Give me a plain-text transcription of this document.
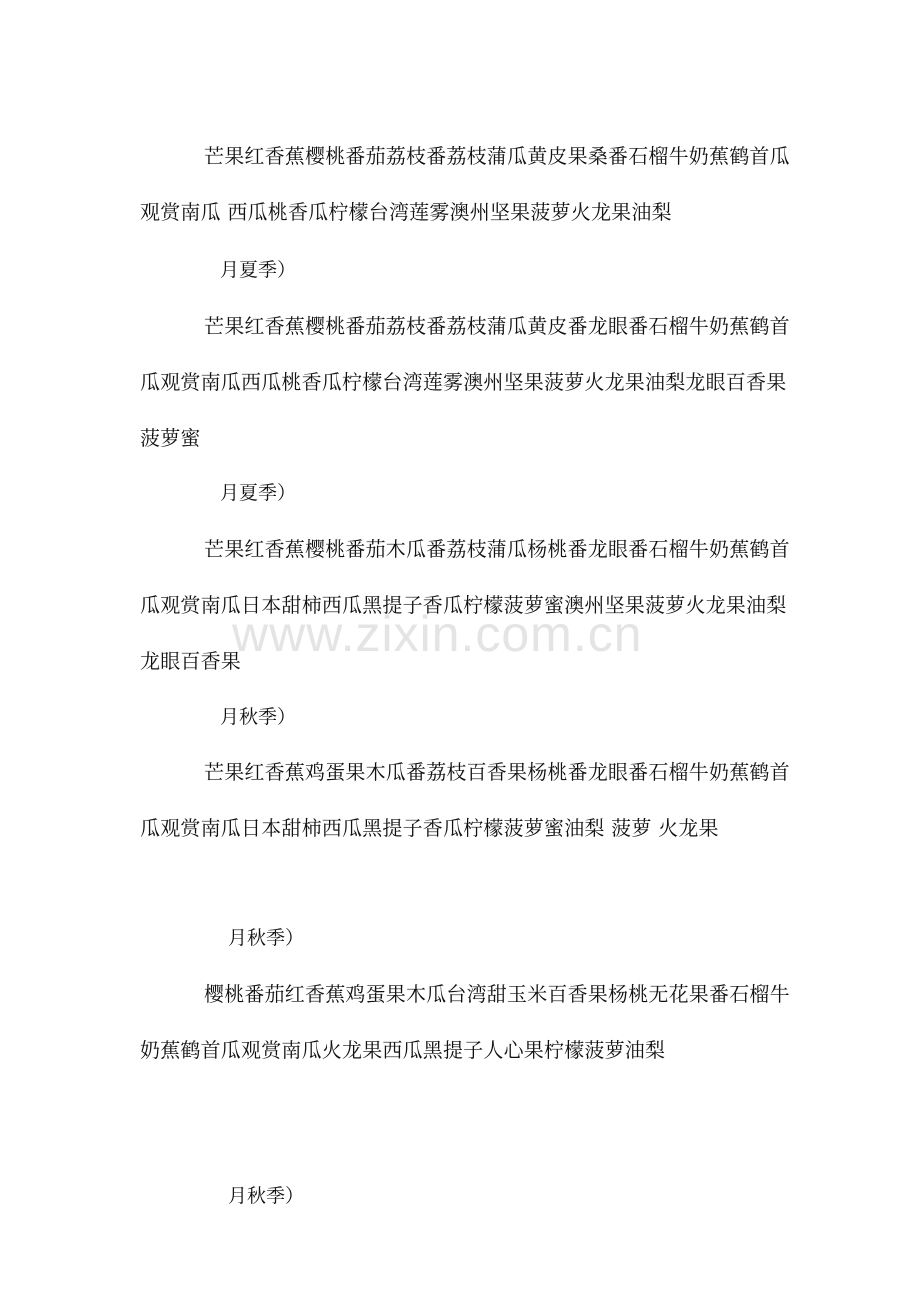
芒果红香蕉樱桃番茄荔枝番荔枝蒲瓜黄皮果桑番石榴牛奶蕉鹤首瓜观赏南瓜 西瓜桃香瓜柠檬台湾莲雾澳州坚果菠萝火龙果油梨

月夏季）

芒果红香蕉樱桃番茄荔枝番荔枝蒲瓜黄皮番龙眼番石榴牛奶蕉鹤首瓜观赏南瓜西瓜桃香瓜柠檬台湾莲雾澳州坚果菠萝火龙果油梨龙眼百香果菠萝蜜

月夏季）

芒果红香蕉樱桃番茄木瓜番荔枝蒲瓜杨桃番龙眼番石榴牛奶蕉鹤首瓜观赏南瓜日本甜柿西瓜黑提子香瓜柠檬菠萝蜜澳州坚果菠萝火龙果油梨龙眼百香果

月秋季）

芒果红香蕉鸡蛋果木瓜番荔枝百香果杨桃番龙眼番石榴牛奶蕉鹤首瓜观赏南瓜日本甜柿西瓜黑提子香瓜柠檬菠萝蜜油梨 菠萝 火龙果

月秋季）

樱桃番茄红香蕉鸡蛋果木瓜台湾甜玉米百香果杨桃无花果番石榴牛奶蕉鹤首瓜观赏南瓜火龙果西瓜黑提子人心果柠檬菠萝油梨

月秋季）

www.zixin.com.cn
